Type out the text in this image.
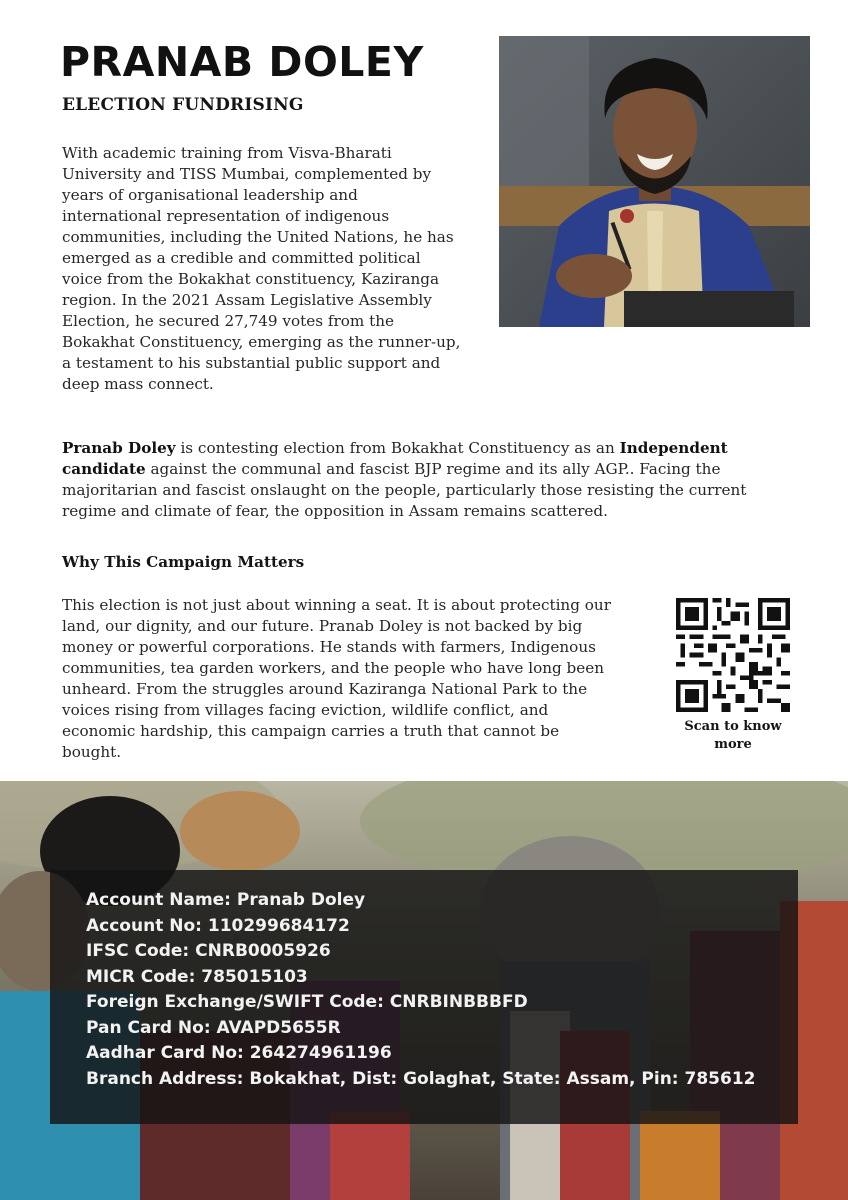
PRANAB DOLEY
ELECTION FUNDRISING

With academic training from Visva-Bharati University and TISS Mumbai, complemented by years of organisational leadership and international representation of indigenous communities, including the United Nations, he has emerged as a credible and committed political voice from the Bokakhat constituency, Kaziranga region. In the 2021 Assam Legislative Assembly Election, he secured 27,749 votes from the Bokakhat Constituency, emerging as the runner-up, a testament to his substantial public support and deep mass connect.

Pranab Doley is contesting election from Bokakhat Constituency as an Independent candidate against the communal and fascist BJP regime and its ally AGP.. Facing the majoritarian and fascist onslaught on the people, particularly those resisting the current regime and climate of fear, the opposition in Assam remains scattered.

Why This Campaign Matters

This election is not just about winning a seat. It is about protecting our land, our dignity, and our future. Pranab Doley is not backed by big money or powerful corporations. He stands with farmers, Indigenous communities, tea garden workers, and the people who have long been unheard. From the struggles around Kaziranga National Park to the voices rising from villages facing eviction, wildlife conflict, and economic hardship, this campaign carries a truth that cannot be bought.

Scan to know more
Account Name: Pranab Doley
Account No: 110299684172
IFSC Code: CNRB0005926
MICR Code: 785015103
Foreign Exchange/SWIFT Code: CNRBINBBBFD
Pan Card No: AVAPD5655R
Aadhar Card No: 264274961196
Branch Address: Bokakhat, Dist: Golaghat, State: Assam, Pin: 785612
